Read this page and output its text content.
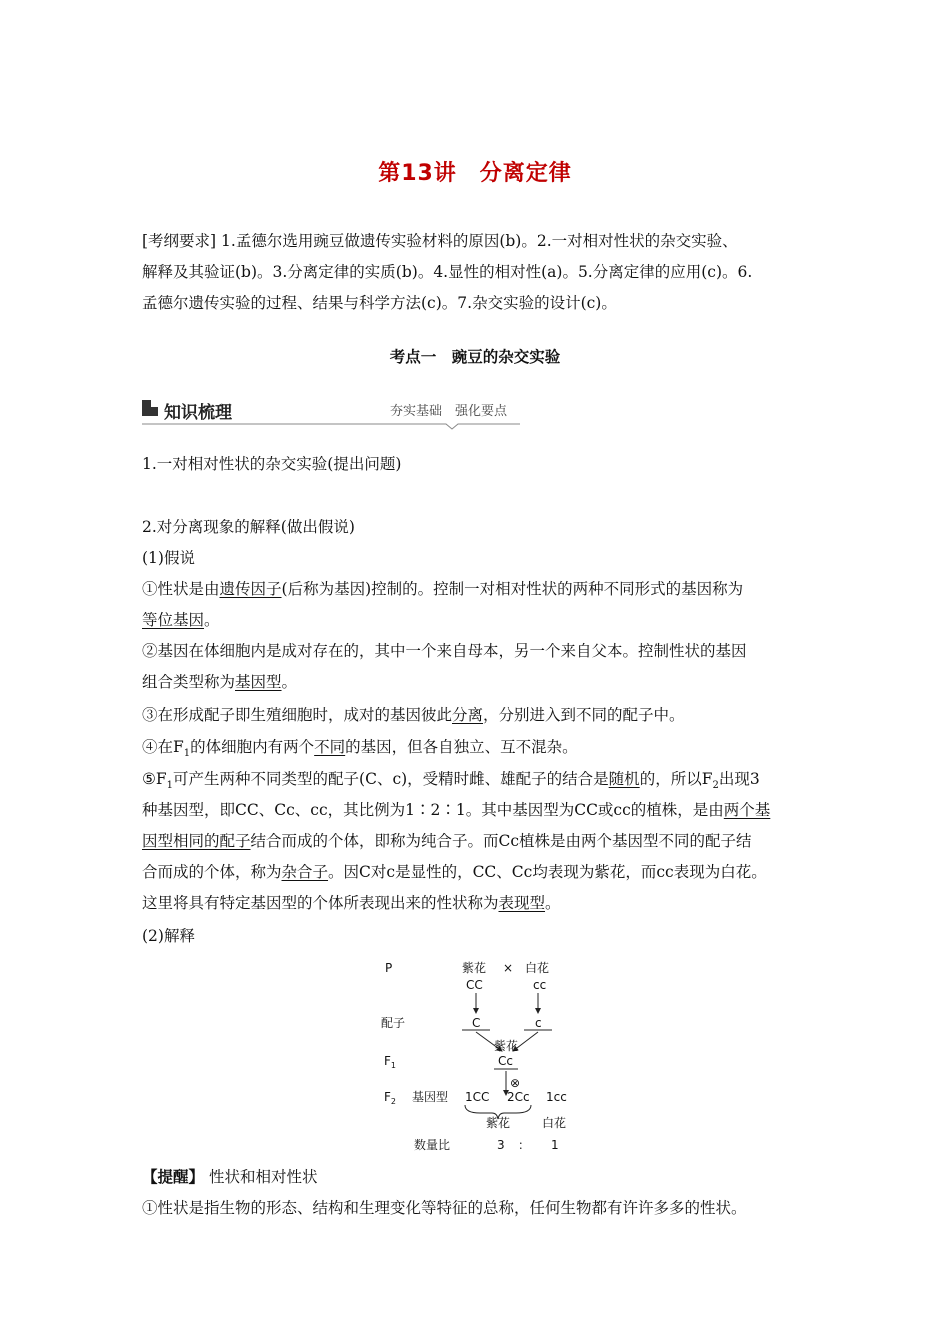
第13讲　分离定律
[考纲要求] 1.孟德尔选用豌豆做遗传实验材料的原因(b)。2.一对相对性状的杂交实验、
解释及其验证(b)。3.分离定律的实质(b)。4.显性的相对性(a)。5.分离定律的应用(c)。6.
孟德尔遗传实验的过程、结果与科学方法(c)。7.杂交实验的设计(c)。
考点一　豌豆的杂交实验
知识梳理	夯实基础　强化要点
1.一对相对性状的杂交实验(提出问题)
2.对分离现象的解释(做出假说)
(1)假说
①性状是由遗传因子(后称为基因)控制的。控制一对相对性状的两种不同形式的基因称为
等位基因。
②基因在体细胞内是成对存在的，其中一个来自母本，另一个来自父本。控制性状的基因
组合类型称为基因型。
③在形成配子即生殖细胞时，成对的基因彼此分离，分别进入到不同的配子中。
④在$F_1$的体细胞内有两个不同的基因，但各自独立、互不混杂。
$⑤F_1$可产生两种不同类型的配子(C、c)，受精时雌、雄配子的结合是随机的，所以$F_2$出现3
种基因型，即CC、Cc、cc，其比例为1∶2∶1。其中基因型为CC或cc的植株，是由两个基
因型相同的配子结合而成的个体，即称为纯合子。而Cc植株是由两个基因型不同的配子结
合而成的个体，称为杂合子。因C对c是显性的，CC、Cc均表现为紫花，而cc表现为白花。
这里将具有特定基因型的个体所表现出来的性状称为表现型。
(2)解释
P	紫花 × 白花
CC	cc
配子	C	c
紫花
$F_1$	Cc
⊗
$F_2$ 基因型 1CC 2Cc 1cc
紫花	白花
数量比	3 ： 1
【提醒】 性状和相对性状
①性状是指生物的形态、结构和生理变化等特征的总称，任何生物都有许许多多的性状。
